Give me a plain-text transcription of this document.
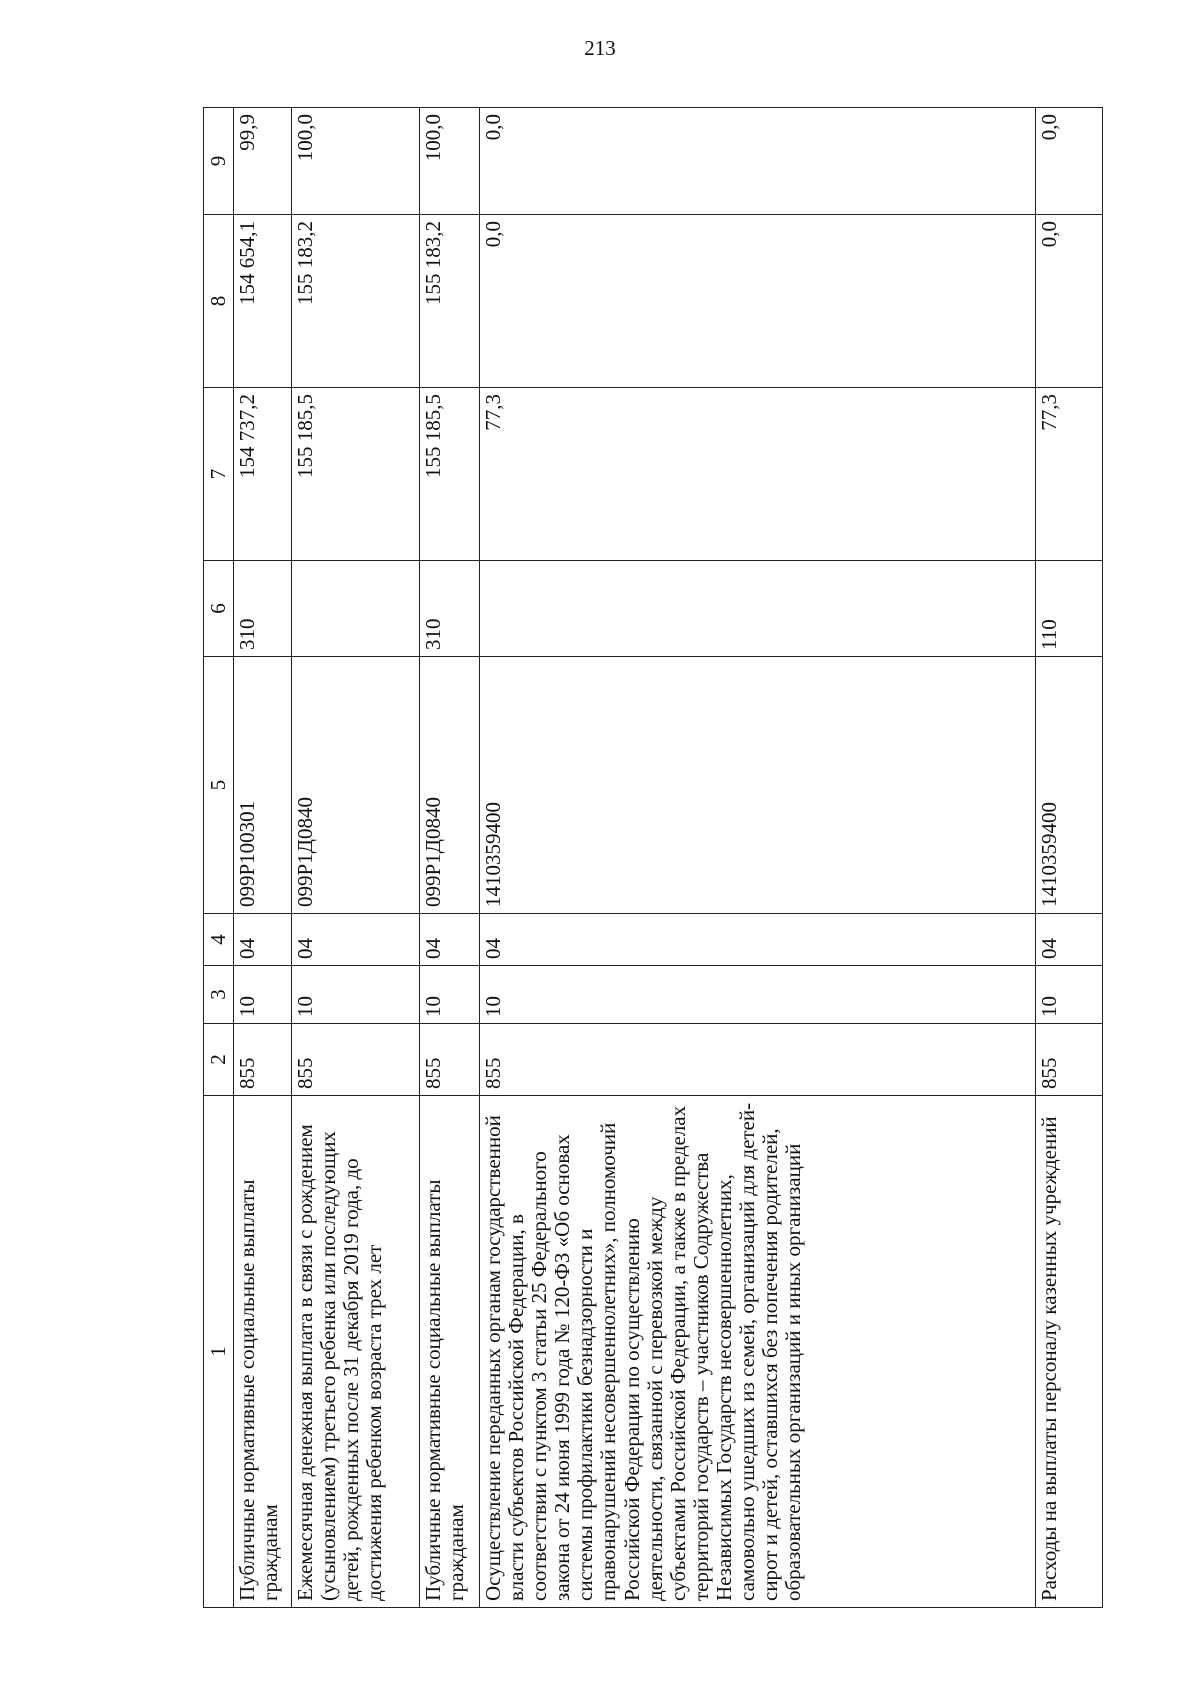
213
1	2	3	4	5	6	7	8	9
Публичные нормативные социальные выплаты гражданам	855	10	04	099Р100301	310	154 737,2	154 654,1	99,9
Ежемесячная денежная выплата в связи с рождением (усыновлением) третьего ребенка или последующих детей, рожденных после 31 декабря 2019 года, до достижения ребенком возраста трех лет	855	10	04	099Р1Д0840		155 185,5	155 183,2	100,0
Публичные нормативные социальные выплаты гражданам	855	10	04	099Р1Д0840	310	155 185,5	155 183,2	100,0
Осуществление переданных органам государственной власти субъектов Российской Федерации, в соответствии с пунктом 3 статьи 25 Федерального закона от 24 июня 1999 года № 120-ФЗ «Об основах системы профилактики безнадзорности и правонарушений несовершеннолетних», полномочий Российской Федерации по осуществлению деятельности, связанной с перевозкой между субъектами Российской Федерации, а также в пределах территорий государств – участников Содружества Независимых Государств несовершеннолетних, самовольно ушедших из семей, организаций для детей-сирот и детей, оставшихся без попечения родителей, образовательных организаций и иных организаций	855	10	04	1410359400		77,3	0,0	0,0
Расходы на выплаты персоналу казенных учреждений	855	10	04	1410359400	110	77,3	0,0	0,0
